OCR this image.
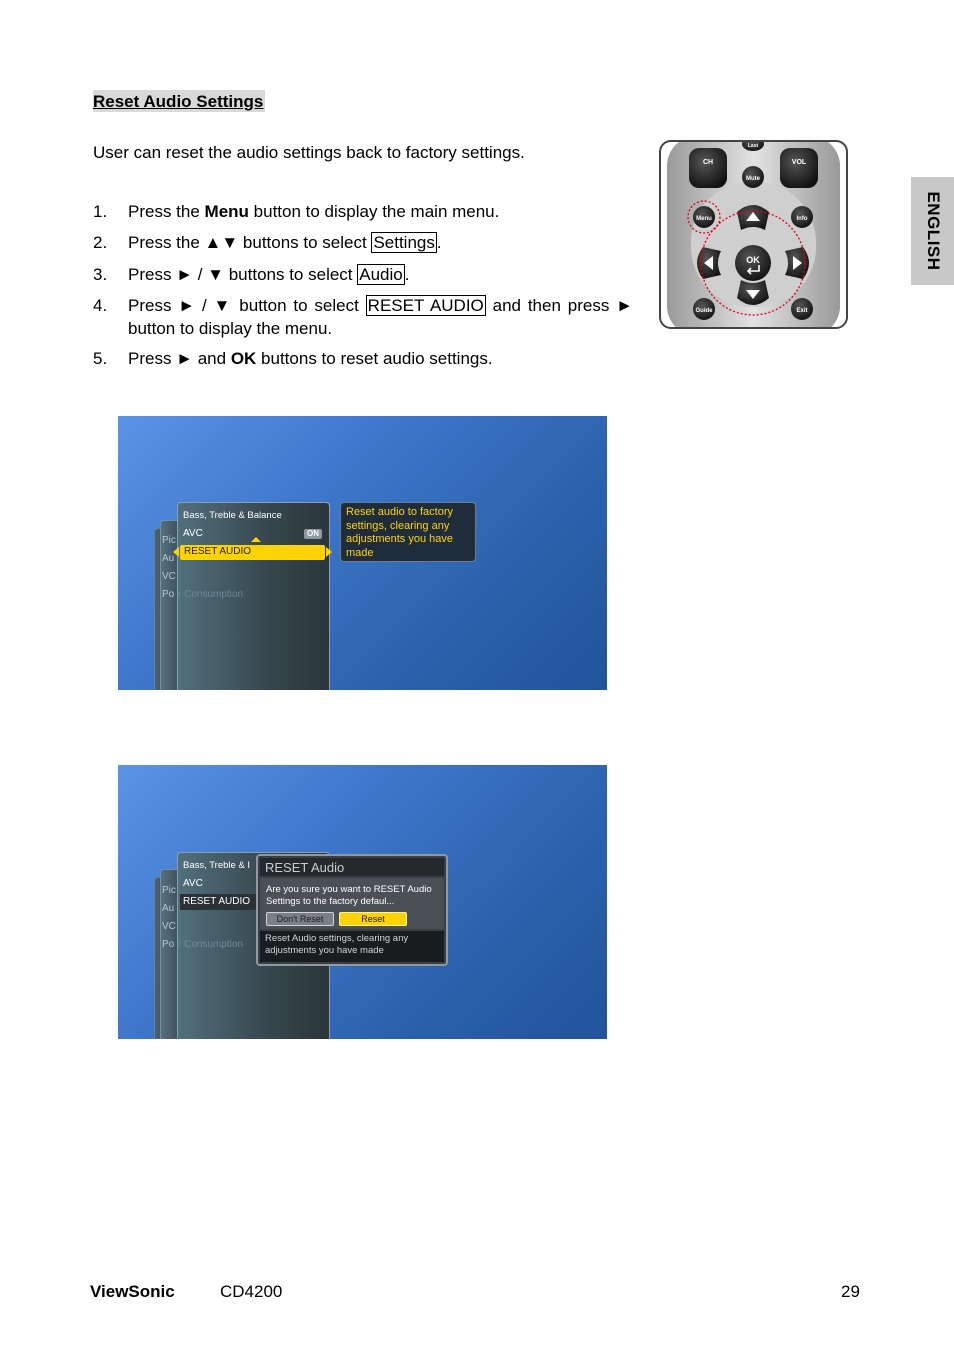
Reset Audio Settings
User can reset the audio settings back to factory settings.
1. Press the Menu button to display the main menu.
2. Press the ▲▼ buttons to select Settings .
3. Press ► / ▼ buttons to select Audio .
4. Press ► / ▼ button to select RESET AUDIO and then press ► button to display the menu.
5. Press ► and OK buttons to reset audio settings.
ENGLISH
CH	VOL
Last
Mute
Menu	Info
Guide	Exit
OK
Pic
Au
VC
Po r Consumption
Bass, Treble & Balance
AVC	ON
RESET AUDIO
Reset audio to factory settings, clearing any adjustments you have made
Pic
Au
VC
Po r Consumption
Bass, Treble & I
AVC
RESET AUDIO
RESET Audio
Are you sure you want to RESET Audio Settings to the factory defaul...
Don't Reset	Reset
Reset Audio settings, clearing any adjustments you have made
ViewSonic	CD4200	29
